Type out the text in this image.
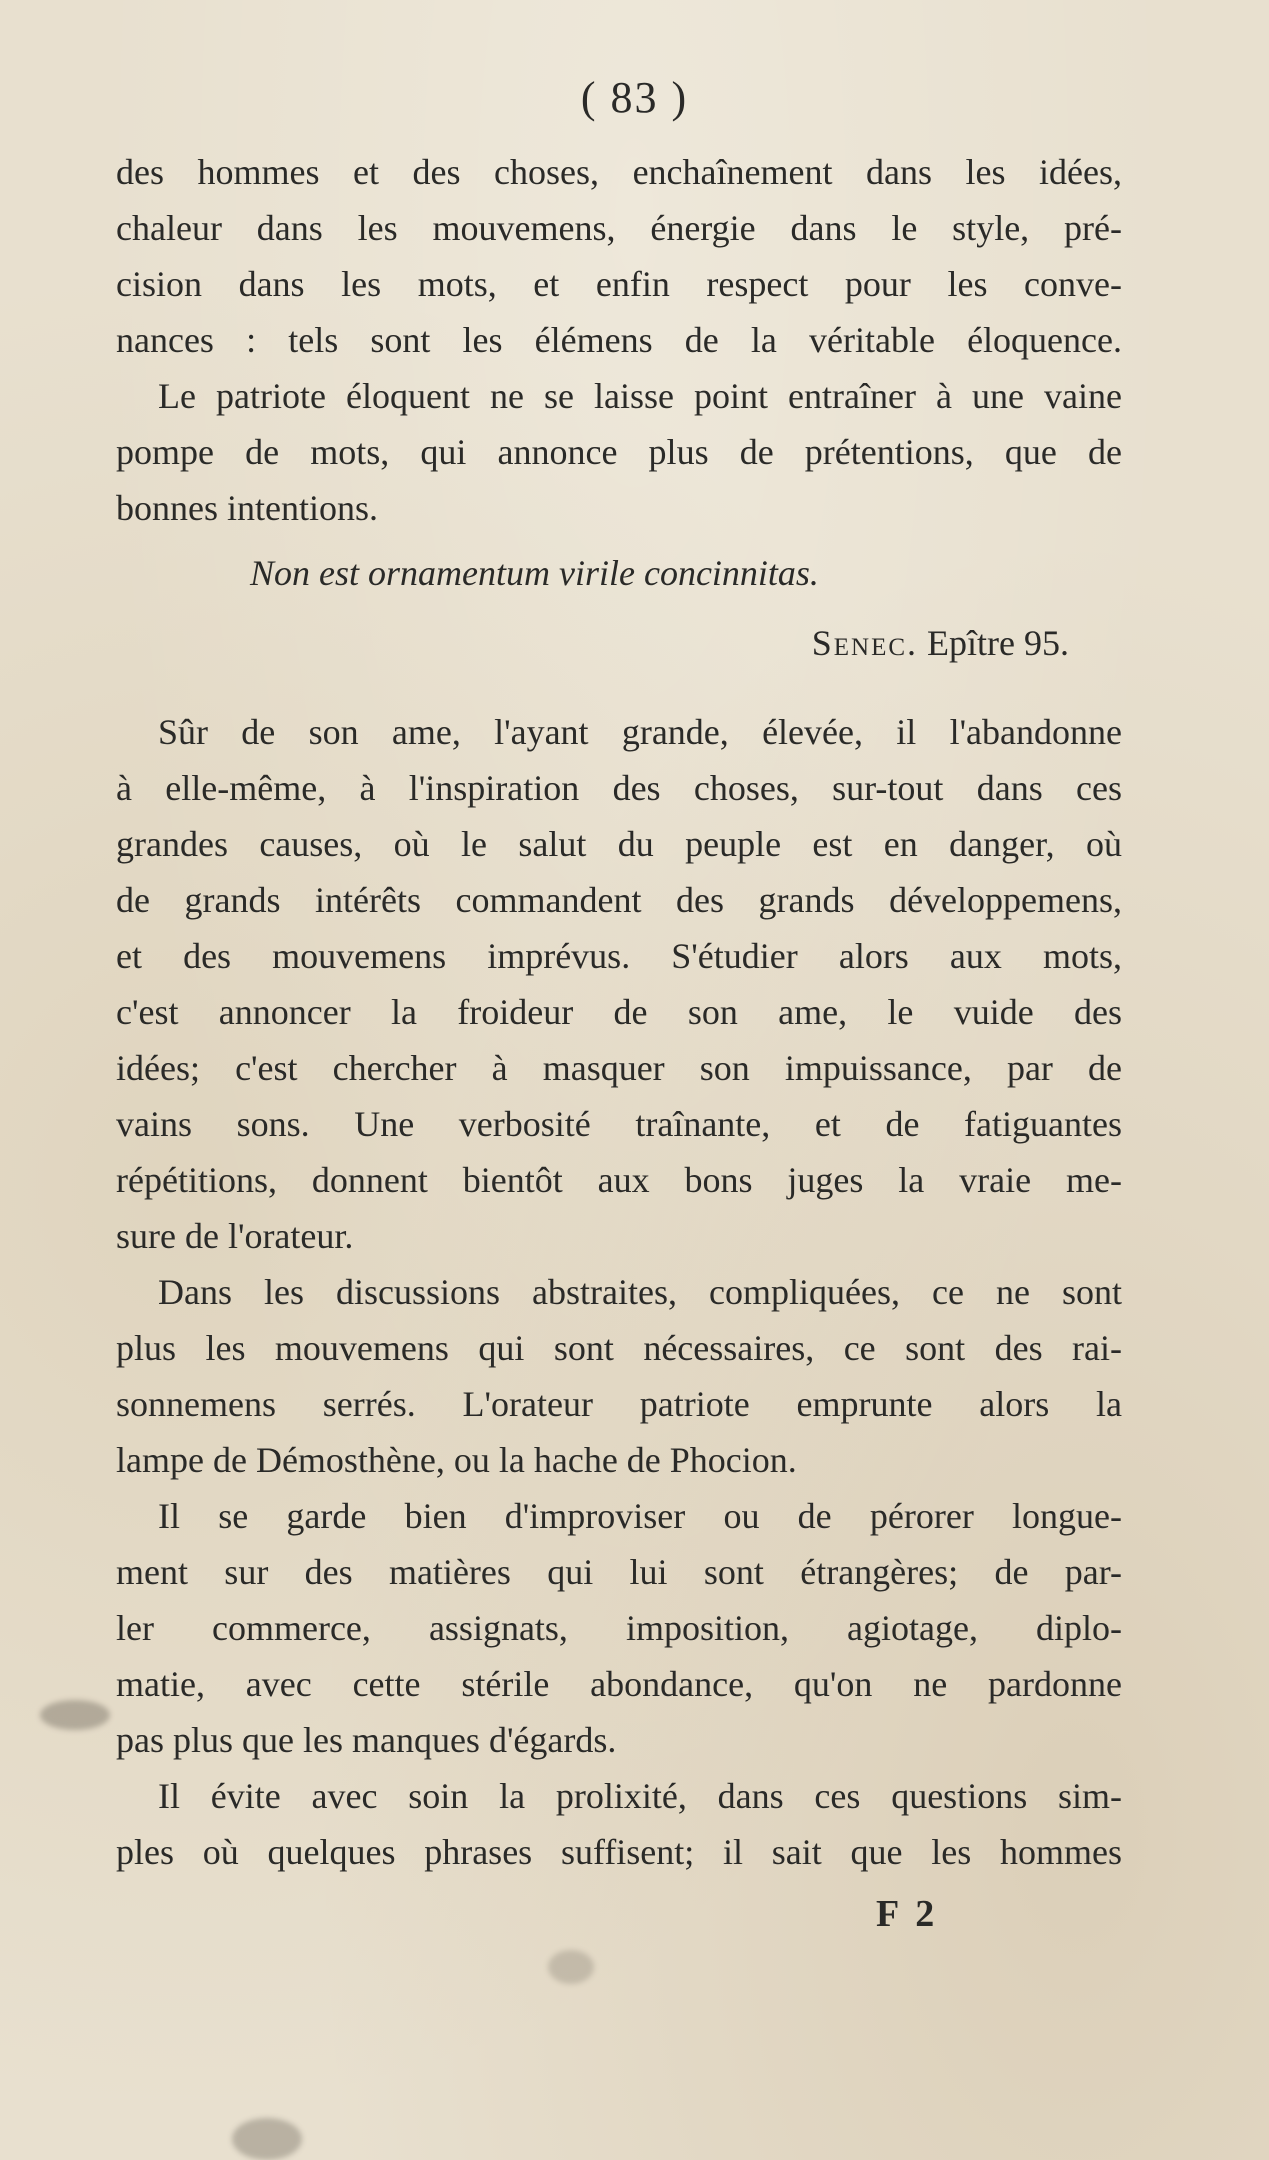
( 83 )
des hommes et des choses, enchaînement dans les idées,
chaleur dans les mouvemens, énergie dans le style, pré-
cision dans les mots, et enfin respect pour les conve-
nances : tels sont les élémens de la véritable éloquence.
Le patriote éloquent ne se laisse point entraîner à une vaine
pompe de mots, qui annonce plus de prétentions, que de
bonnes intentions.
Non est ornamentum virile concinnitas.
Senec. Epître 95.
Sûr de son ame, l'ayant grande, élevée, il l'abandonne
à elle-même, à l'inspiration des choses, sur-tout dans ces
grandes causes, où le salut du peuple est en danger, où
de grands intérêts commandent des grands développemens,
et des mouvemens imprévus. S'étudier alors aux mots,
c'est annoncer la froideur de son ame, le vuide des
idées; c'est chercher à masquer son impuissance, par de
vains sons. Une verbosité traînante, et de fatiguantes
répétitions, donnent bientôt aux bons juges la vraie me-
sure de l'orateur.
Dans les discussions abstraites, compliquées, ce ne sont
plus les mouvemens qui sont nécessaires, ce sont des rai-
sonnemens serrés. L'orateur patriote emprunte alors la
lampe de Démosthène, ou la hache de Phocion.
Il se garde bien d'improviser ou de pérorer longue-
ment sur des matières qui lui sont étrangères; de par-
ler commerce, assignats, imposition, agiotage, diplo-
matie, avec cette stérile abondance, qu'on ne pardonne
pas plus que les manques d'égards.
Il évite avec soin la prolixité, dans ces questions sim-
ples où quelques phrases suffisent; il sait que les hommes
F 2
